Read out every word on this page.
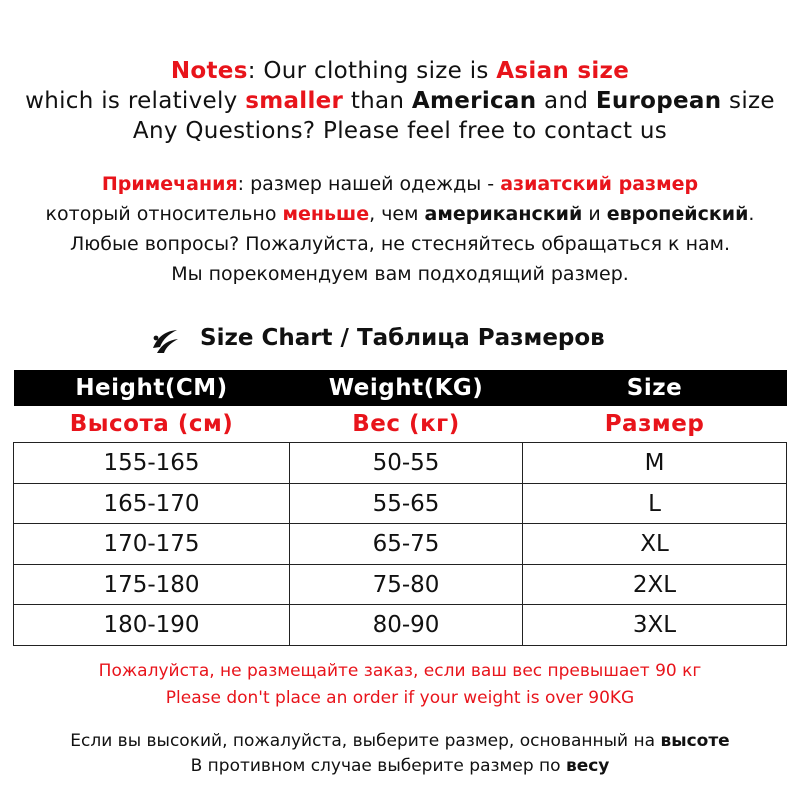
Notes: Our clothing size is Asian size
which is relatively smaller than American and European size
Any Questions? Please feel free to contact us
Примечания: размер нашей одежды - азиатский размер
который относительно меньше, чем американский и европейский.
Любые вопросы? Пожалуйста, не стесняйтесь обращаться к нам.
Мы порекомендуем вам подходящий размер.
Size Chart / Таблица Размеров
Height(CM)	Weight(KG)	Size
Высота (см)	Вес (кг)	Размер
155-165	50-55	M
165-170	55-65	L
170-175	65-75	XL
175-180	75-80	2XL
180-190	80-90	3XL
Пожалуйста, не размещайте заказ, если ваш вес превышает 90 кг
Please don't place an order if your weight is over 90KG
Если вы высокий, пожалуйста, выберите размер, основанный на высоте
В противном случае выберите размер по весу
